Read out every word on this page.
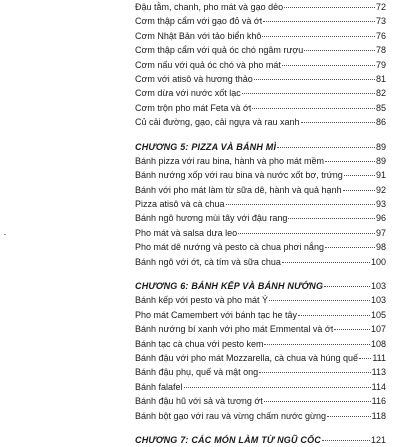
Đậu tằm, chanh, pho mát và gạo dẻo	72
Cơm thập cẩm với gạo đỏ và ớt	73
Cơm Nhật Bản với tảo biển khô	76
Cơm thập cẩm với quả óc chó ngâm rượu	78
Cơm nấu với quả óc chó và pho mát	79
Cơm với atisô và hương thảo	81
Cơm dừa với nước xốt lạc	82
Cơm trộn pho mát Feta và ớt	85
Củ cải đường, gạo, cải ngựa và rau xanh	86
CHƯƠNG 5: PIZZA VÀ BÁNH MÌ	89
Bánh pizza với rau bina, hành và pho mát mềm	89
Bánh nướng xốp với rau bina và nước xốt bơ, trứng	91
Bánh với pho mát làm từ sữa dê, hành và quả hạnh	92
Pizza atisô và cà chua	93
Bánh ngô hương mùi tây với đậu rang	96
Pho mát và salsa dưa leo	97
Pho mát dê nướng và pesto cà chua phơi nắng	98
Bánh ngô với ớt, cà tím và sữa chua	100
CHƯƠNG 6: BÁNH KẾP VÀ BÁNH NƯỚNG	103
Bánh kếp với pesto và pho mát Ý	103
Pho mát Camembert với bánh tạc he tây	105
Bánh nướng bí xanh với pho mát Emmental và ớt	107
Bánh tạc cà chua với pesto kem	108
Bánh đậu với pho mát Mozzarella, cà chua và húng quế 111
Bánh đậu phụ, quế và mật ong	113
Bánh falafel	114
Bánh đậu hũ với sả và tương ớt	116
Bánh bột gạo với rau và vừng chấm nước gừng	118
CHƯƠNG 7: CÁC MÓN LÀM TỪ NGŨ CỐC	121
